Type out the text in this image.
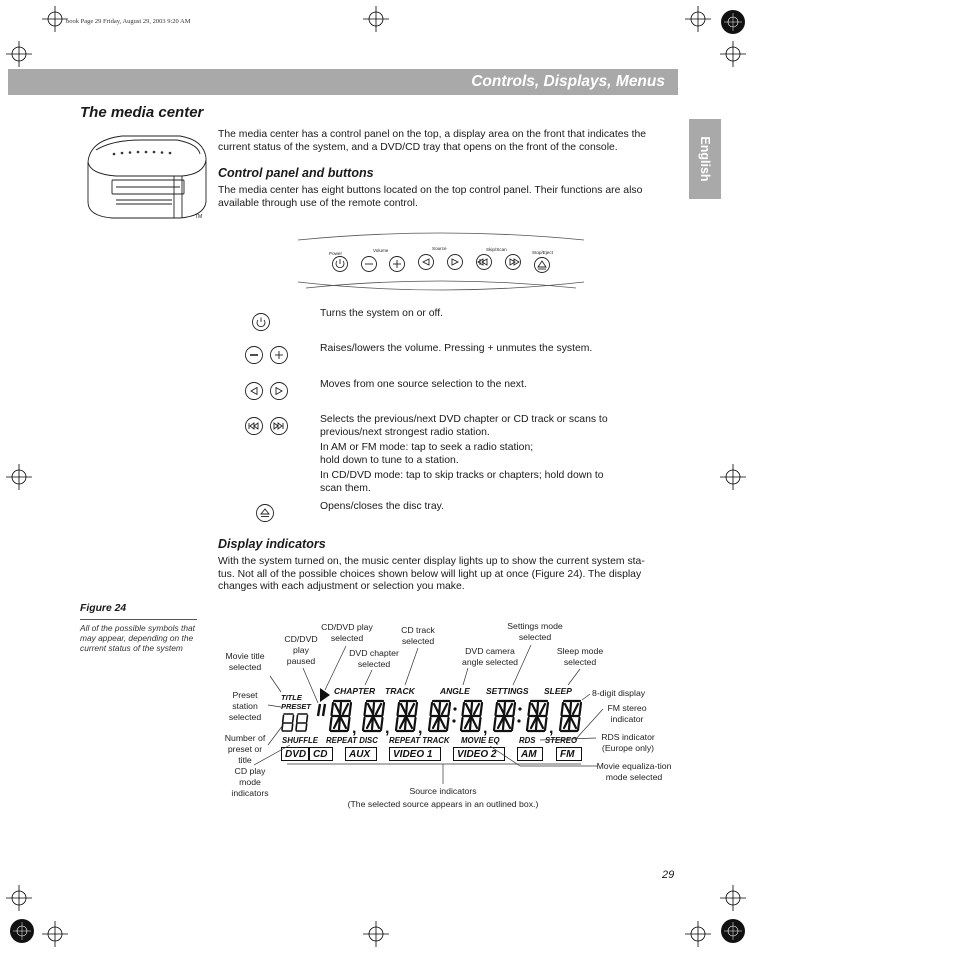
book Page 29 Friday, August 29, 2003 9:20 AM
Controls, Displays, Menus
English
The media center
TM
The media center has a control panel on the top, a display area on the front that indicates the
current status of the system, and a DVD/CD tray that opens on the front of the console.
Control panel and buttons
The media center has eight buttons located on the top control panel. Their functions are also
available through use of the remote control.
Power
Volume	Source	Skip/Scan
Stop/Eject
Turns the system on or off.
Raises/lowers the volume. Pressing + unmutes the system.
Moves from one source selection to the next.
Selects the previous/next DVD chapter or CD track or scans to
previous/next strongest radio station.
In AM or FM mode: tap to seek a radio station;
hold down to tune to a station.
In CD/DVD mode: tap to skip tracks or chapters; hold down to
scan them.
Opens/closes the disc tray.
Display indicators
With the system turned on, the music center display lights up to show the current system sta-
tus. Not all of the possible choices shown below will light up at once (Figure 24). The display
changes with each adjustment or selection you make.
Figure 24
All of the possible symbols that may appear, depending on the current status of the system
CD/DVD play selected
CD/DVD play paused
CD track selected
DVD chapter selected
Movie title selected
DVD camera angle selected
Settings mode selected
Sleep mode selected
8-digit display
Preset station selected
FM stereo indicator
Number of preset or title
RDS indicator (Europe only)
CD play mode indicators
Movie equaliza-tion mode selected
Source indicators
(The selected source appears in an outlined box.)
TITLE
PRESET
CHAPTER TRACK	ANGLE SETTINGS SLEEP
SHUFFLE REPEAT DISC REPEAT TRACK MOVIE EQ RDS STEREO
DVD CD	AUX	VIDEO 1	VIDEO 2	AM	FM
, , ,	,	,
29
